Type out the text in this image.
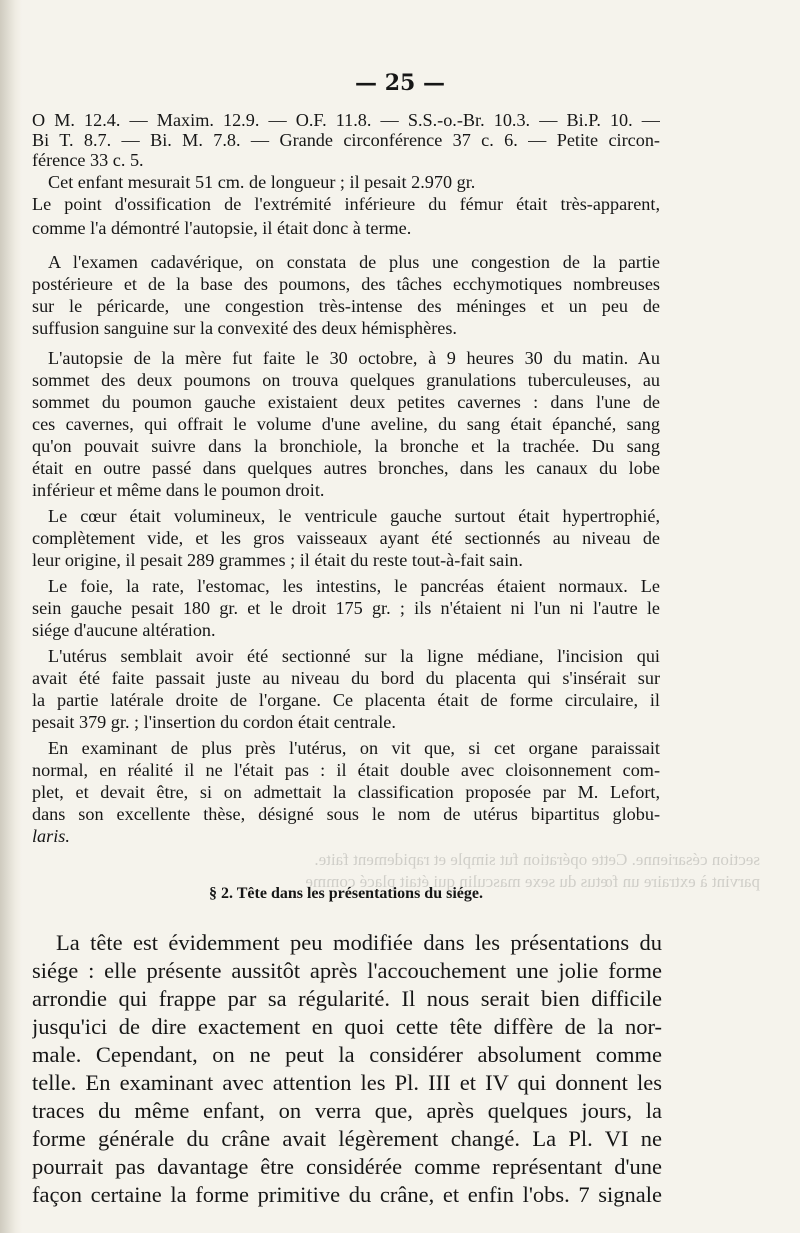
— 25 —
O M. 12.4. — Maxim. 12.9. — O.F. 11.8. — S.S.-o.-Br. 10.3. — Bi.P. 10. —
Bi T. 8.7. — Bi. M. 7.8. — Grande circonférence 37 c. 6. — Petite circon-
férence 33 c. 5.
Cet enfant mesurait 51 cm. de longueur ; il pesait 2.970 gr.
Le point d'ossification de l'extrémité inférieure du fémur était très-apparent,
comme l'a démontré l'autopsie, il était donc à terme.
A l'examen cadavérique, on constata de plus une congestion de la partie
postérieure et de la base des poumons, des tâches ecchymotiques nombreuses
sur le péricarde, une congestion très-intense des méninges et un peu de
suffusion sanguine sur la convexité des deux hémisphères.
L'autopsie de la mère fut faite le 30 octobre, à 9 heures 30 du matin. Au
sommet des deux poumons on trouva quelques granulations tuberculeuses, au
sommet du poumon gauche existaient deux petites cavernes : dans l'une de
ces cavernes, qui offrait le volume d'une aveline, du sang était épanché, sang
qu'on pouvait suivre dans la bronchiole, la bronche et la trachée. Du sang
était en outre passé dans quelques autres bronches, dans les canaux du lobe
inférieur et même dans le poumon droit.
Le cœur était volumineux, le ventricule gauche surtout était hypertrophié,
complètement vide, et les gros vaisseaux ayant été sectionnés au niveau de
leur origine, il pesait 289 grammes ; il était du reste tout-à-fait sain.
Le foie, la rate, l'estomac, les intestins, le pancréas étaient normaux. Le
sein gauche pesait 180 gr. et le droit 175 gr. ; ils n'étaient ni l'un ni l'autre le
siége d'aucune altération.
L'utérus semblait avoir été sectionné sur la ligne médiane, l'incision qui
avait été faite passait juste au niveau du bord du placenta qui s'insérait sur
la partie latérale droite de l'organe. Ce placenta était de forme circulaire, il
pesait 379 gr. ; l'insertion du cordon était centrale.
En examinant de plus près l'utérus, on vit que, si cet organe paraissait
normal, en réalité il ne l'était pas : il était double avec cloisonnement com-
plet, et devait être, si on admettait la classification proposée par M. Lefort,
dans son excellente thèse, désigné sous le nom de utérus bipartitus globu-
laris.
section césarienne. Cette opération fut simple et rapidement faite.
parvint à extraire un fœtus du sexe masculin qui était placé comme
§ 2. Tête dans les présentations du siége.
La tête est évidemment peu modifiée dans les présentations du
siége : elle présente aussitôt après l'accouchement une jolie forme
arrondie qui frappe par sa régularité. Il nous serait bien difficile
jusqu'ici de dire exactement en quoi cette tête diffère de la nor-
male. Cependant, on ne peut la considérer absolument comme
telle. En examinant avec attention les Pl. III et IV qui donnent les
traces du même enfant, on verra que, après quelques jours, la
forme générale du crâne avait légèrement changé. La Pl. VI ne
pourrait pas davantage être considérée comme représentant d'une
façon certaine la forme primitive du crâne, et enfin l'obs. 7 signale
